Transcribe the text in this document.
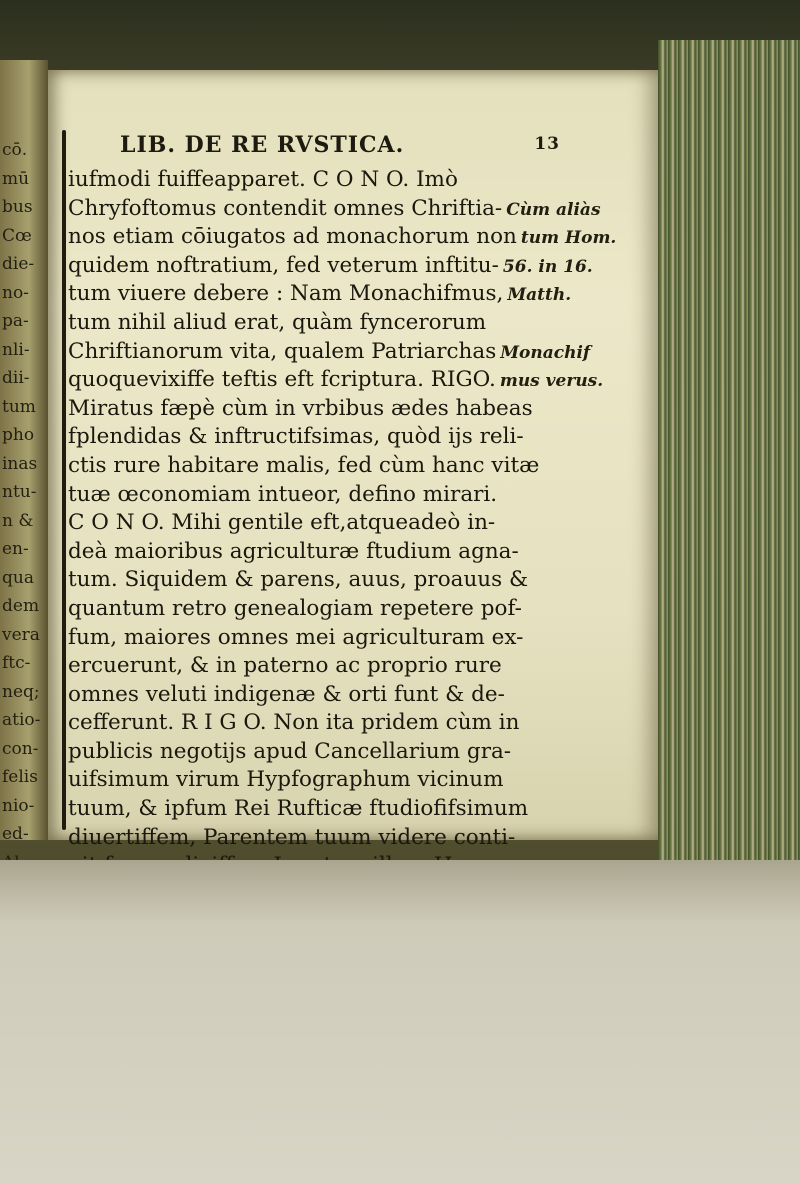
cō.
mū
bus
Cœ
die-
no-
pa-
nli-
dii-
tum
pho
inas
ntu-
n &
en-
qua
dem
vera
ftc-
neq;
atio-
con-
felis
nio-
ed-
LIB. DE RE RVSTICA.	13
iufmodi fuiffeapparet. C O N O. Imò
Chryfoftomus contendit omnes Chriftia- Cùm aliàs
nos etiam cōiugatos ad monachorum non tum Hom.
quidem noftratium, fed veterum inftitu- 56. in 16.
tum viuere debere : Nam Monachifmus, Matth.
tum nihil aliud erat, quàm fyncerorum
Chriftianorum vita, qualem Patriarchas Monachif
quoquevixiffe teftis eft fcriptura. RIGO. mus verus.
Miratus fæpè cùm in vrbibus ædes habeas
fplendidas & inftructifsimas, quòd ijs reli-
ctis rure habitare malis, fed cùm hanc vitæ
tuæ œconomiam intueor, defino mirari.
C O N O. Mihi gentile eft,atqueadeò in-
deà maioribus agriculturæ ftudium agna-
tum. Siquidem & parens, auus, proauus &
quantum retro genealogiam repetere pof-
fum, maiores omnes mei agriculturam ex-
ercuerunt, & in paterno ac proprio rure
omnes veluti indigenæ & orti funt & de-
cefferunt. R I G O. Non ita pridem cùm in
publicis negotijs apud Cancellarium gra-
uifsimum virum Hypfographum vicinum
tuum, & ipfum Rei Rufticæ ftudiofifsimum
diuertiffem, Parentem tuum videre conti-
